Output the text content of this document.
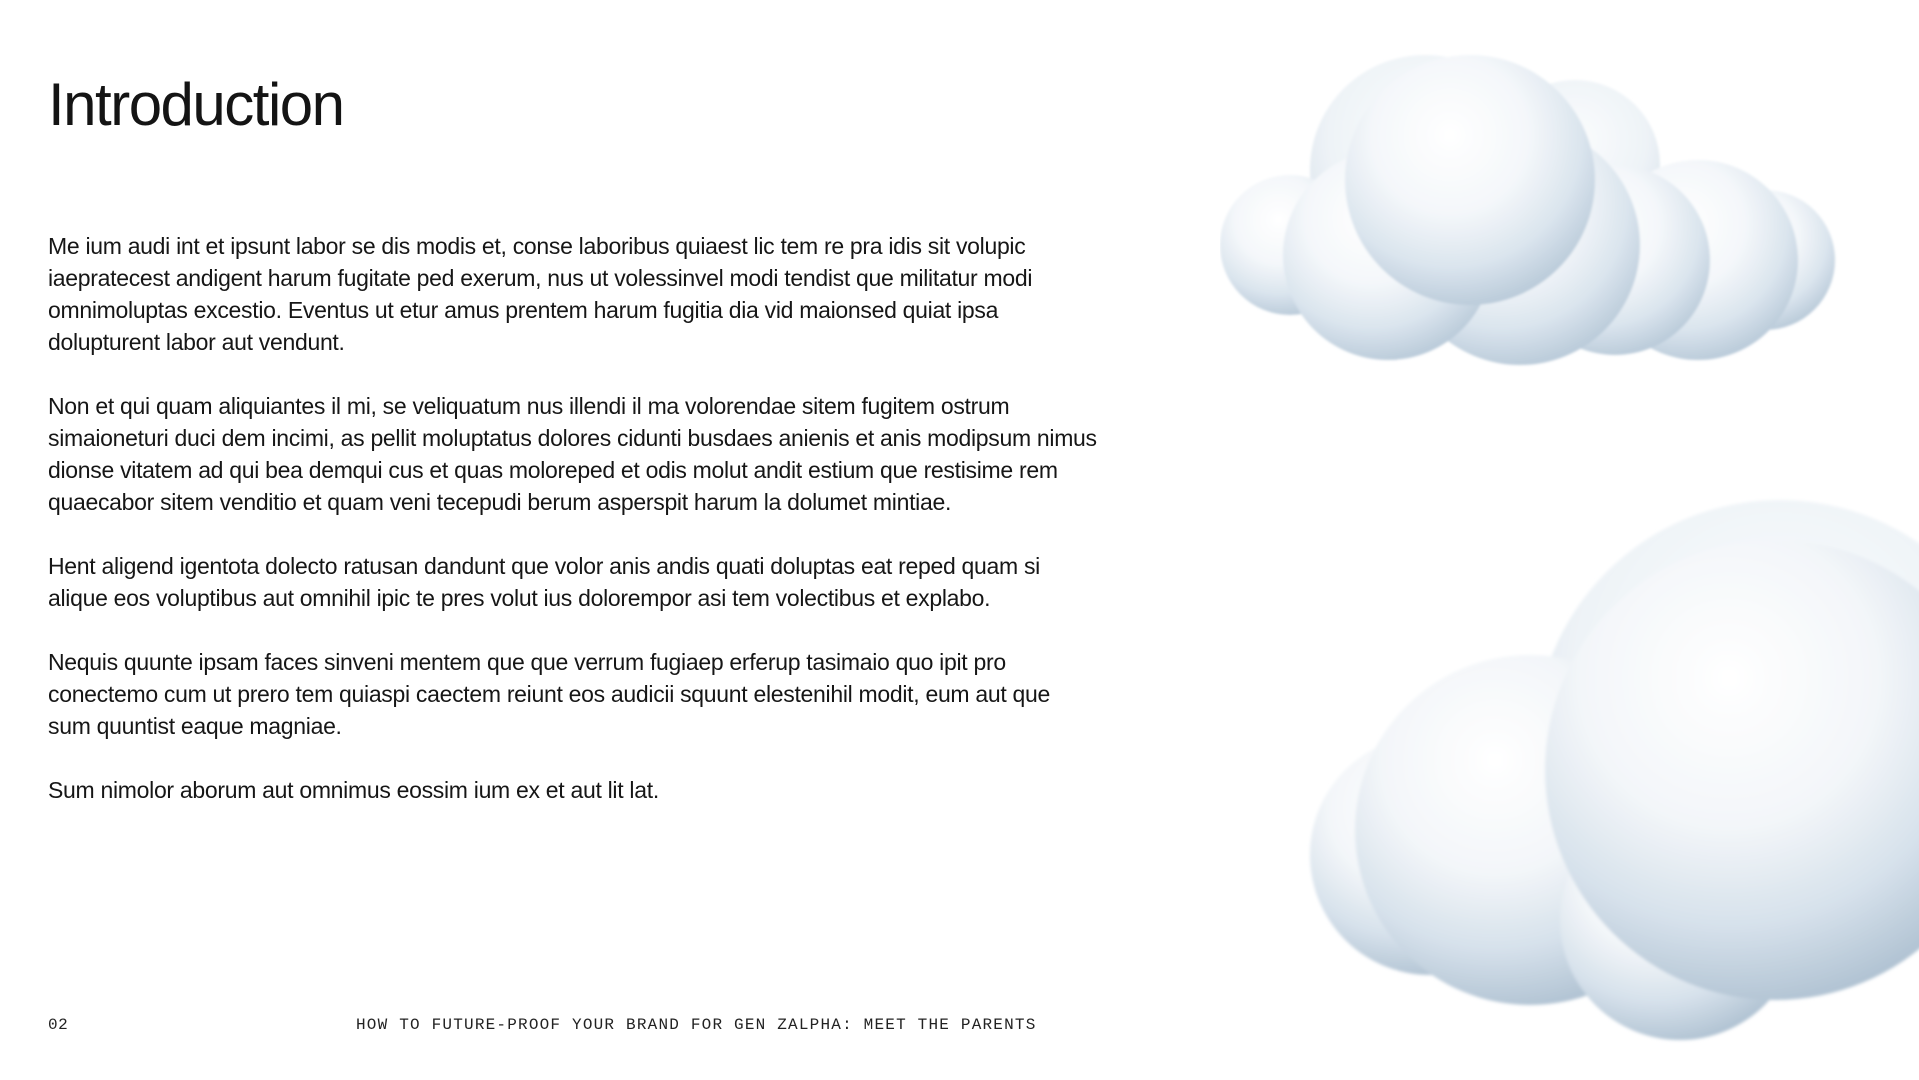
Introduction

Me ium audi int et ipsunt labor se dis modis et, conse laboribus quiaest lic tem re pra idis sit volupic iaepratecest andigent harum fugitate ped exerum, nus ut volessinvel modi tendist que militatur modi omnimoluptas excestio. Eventus ut etur amus prentem harum fugitia dia vid maionsed quiat ipsa dolupturent labor aut vendunt.

Non et qui quam aliquiantes il mi, se veliquatum nus illendi il ma volorendae sitem fugitem ostrum simaioneturi duci dem incimi, as pellit moluptatus dolores cidunti busdaes anienis et anis modipsum nimus dionse vitatem ad qui bea demqui cus et quas moloreped et odis molut andit estium que restisime rem quaecabor sitem venditio et quam veni tecepudi berum asperspit harum la dolumet mintiae.

Hent aligend igentota dolecto ratusan dandunt que volor anis andis quati doluptas eat reped quam si alique eos voluptibus aut omnihil ipic te pres volut ius dolorempor asi tem volectibus et explabo.

Nequis quunte ipsam faces sinveni mentem que que verrum fugiaep erferup tasimaio quo ipit pro conectemo cum ut prero tem quiaspi caectem reiunt eos audicii squunt elestenihil modit, eum aut que sum quuntist eaque magniae.

Sum nimolor aborum aut omnimus eossim ium ex et aut lit lat.

02	HOW TO FUTURE-PROOF YOUR BRAND FOR GEN ZALPHA: MEET THE PARENTS
